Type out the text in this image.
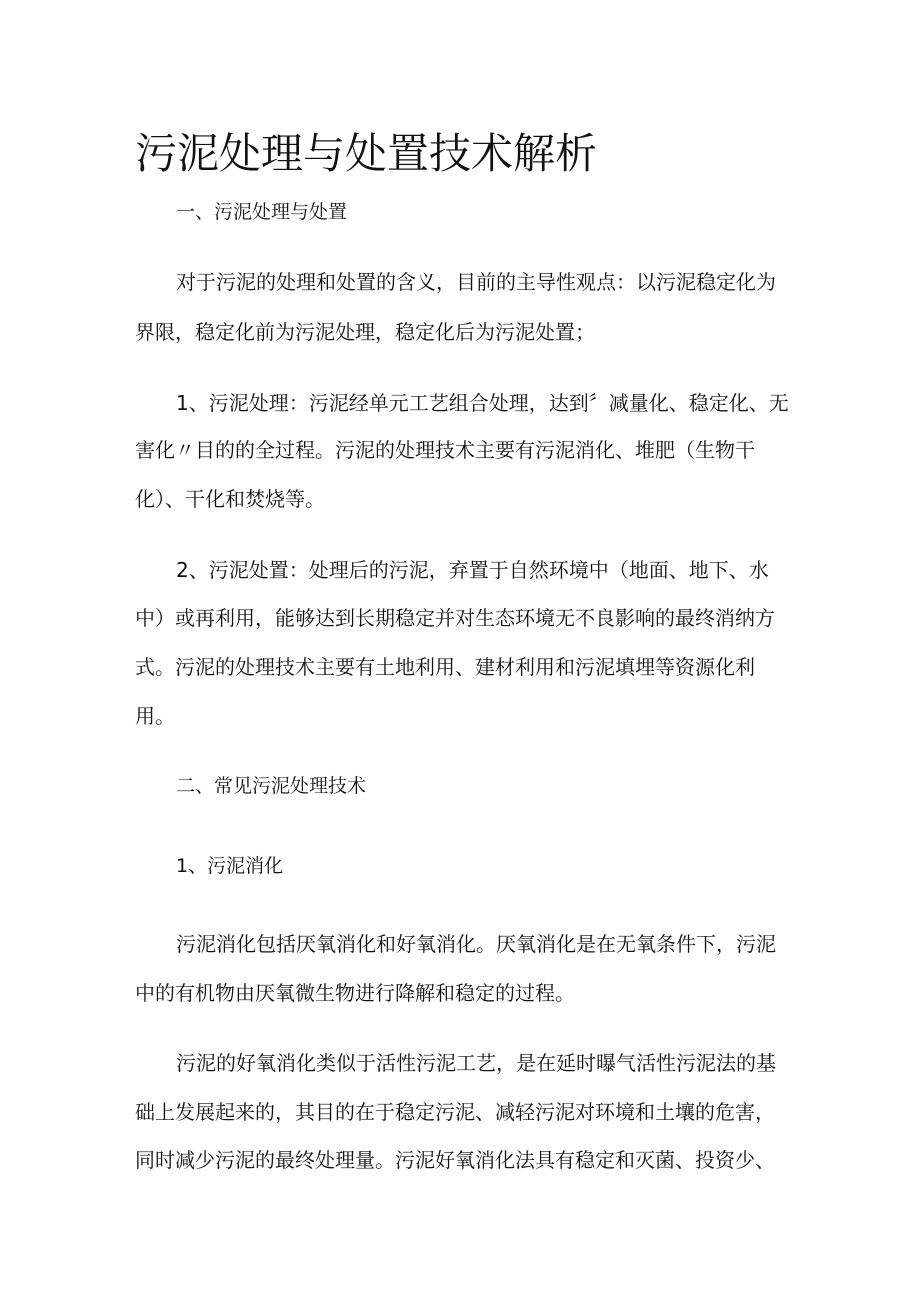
污泥处理与处置技术解析

一、污泥处理与处置

对于污泥的处理和处置的含义，目前的主导性观点：以污泥稳定化为

界限，稳定化前为污泥处理，稳定化后为污泥处置；

1、污泥处理：污泥经单元工艺组合处理，达到〞减量化、稳定化、无

害化〃目的的全过程。污泥的处理技术主要有污泥消化、堆肥（生物干

化）、干化和焚烧等。

2、污泥处置：处理后的污泥，弃置于自然环境中（地面、地下、水

中）或再利用，能够达到长期稳定并对生态环境无不良影响的最终消纳方

式。污泥的处理技术主要有土地利用、建材利用和污泥填埋等资源化利

用。

二、常见污泥处理技术

1、污泥消化

污泥消化包括厌氧消化和好氧消化。厌氧消化是在无氧条件下，污泥

中的有机物由厌氧微生物进行降解和稳定的过程。

污泥的好氧消化类似于活性污泥工艺，是在延时曝气活性污泥法的基

础上发展起来的，其目的在于稳定污泥、减轻污泥对环境和土壤的危害，

同时减少污泥的最终处理量。污泥好氧消化法具有稳定和灭菌、投资少、
